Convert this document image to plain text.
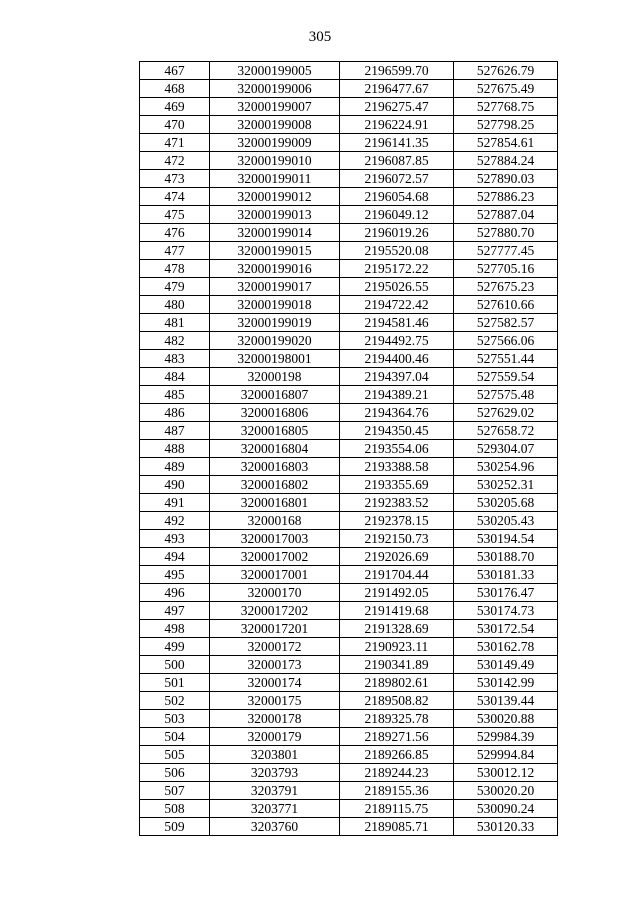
305
467	32000199005	2196599.70	527626.79
468	32000199006	2196477.67	527675.49
469	32000199007	2196275.47	527768.75
470	32000199008	2196224.91	527798.25
471	32000199009	2196141.35	527854.61
472	32000199010	2196087.85	527884.24
473	32000199011	2196072.57	527890.03
474	32000199012	2196054.68	527886.23
475	32000199013	2196049.12	527887.04
476	32000199014	2196019.26	527880.70
477	32000199015	2195520.08	527777.45
478	32000199016	2195172.22	527705.16
479	32000199017	2195026.55	527675.23
480	32000199018	2194722.42	527610.66
481	32000199019	2194581.46	527582.57
482	32000199020	2194492.75	527566.06
483	32000198001	2194400.46	527551.44
484	32000198	2194397.04	527559.54
485	3200016807	2194389.21	527575.48
486	3200016806	2194364.76	527629.02
487	3200016805	2194350.45	527658.72
488	3200016804	2193554.06	529304.07
489	3200016803	2193388.58	530254.96
490	3200016802	2193355.69	530252.31
491	3200016801	2192383.52	530205.68
492	32000168	2192378.15	530205.43
493	3200017003	2192150.73	530194.54
494	3200017002	2192026.69	530188.70
495	3200017001	2191704.44	530181.33
496	32000170	2191492.05	530176.47
497	3200017202	2191419.68	530174.73
498	3200017201	2191328.69	530172.54
499	32000172	2190923.11	530162.78
500	32000173	2190341.89	530149.49
501	32000174	2189802.61	530142.99
502	32000175	2189508.82	530139.44
503	32000178	2189325.78	530020.88
504	32000179	2189271.56	529984.39
505	3203801	2189266.85	529994.84
506	3203793	2189244.23	530012.12
507	3203791	2189155.36	530020.20
508	3203771	2189115.75	530090.24
509	3203760	2189085.71	530120.33
